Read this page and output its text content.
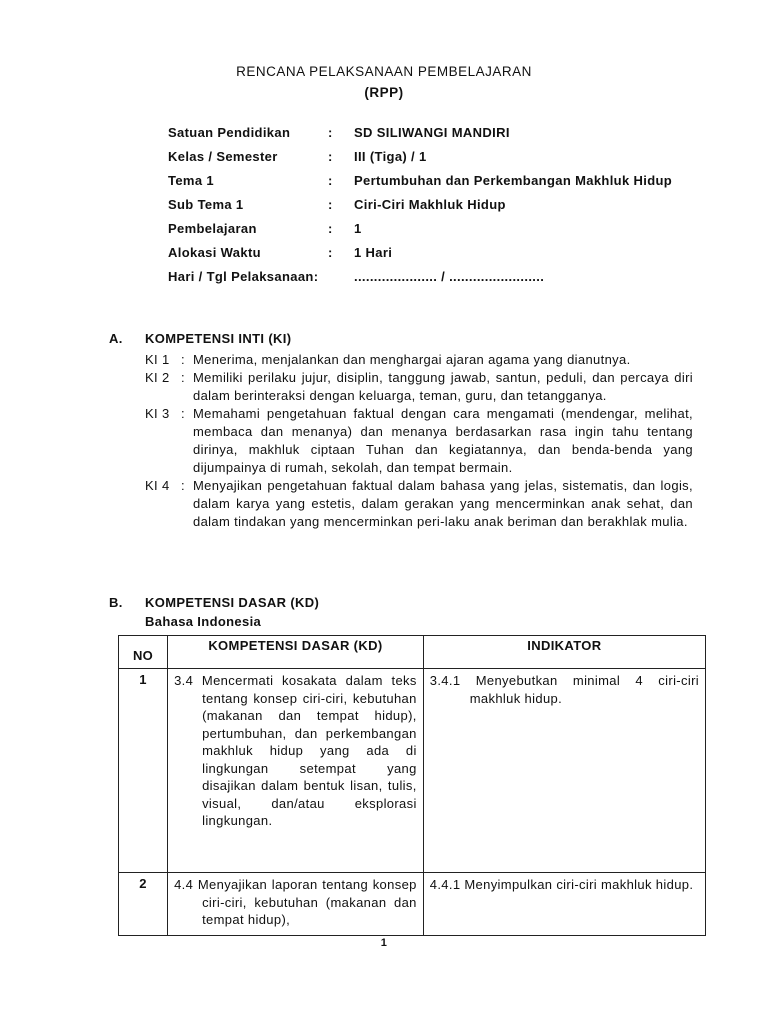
RENCANA PELAKSANAAN PEMBELAJARAN
(RPP)
Satuan Pendidikan	: SD SILIWANGI MANDIRI
Kelas / Semester	: III (Tiga) / 1
Tema 1	: Pertumbuhan dan Perkembangan Makhluk Hidup
Sub Tema 1	: Ciri-Ciri Makhluk Hidup
Pembelajaran	: 1
Alokasi Waktu	: 1 Hari
Hari / Tgl Pelaksanaan:	..................... / ........................
A. KOMPETENSI INTI (KI)
KI 1 : Menerima, menjalankan dan menghargai ajaran agama yang dianutnya.
KI 2 : Memiliki perilaku jujur, disiplin, tanggung jawab, santun, peduli, dan percaya diri dalam berinteraksi dengan keluarga, teman, guru, dan tetangganya.
KI 3 : Memahami pengetahuan faktual dengan cara mengamati (mendengar, melihat, membaca dan menanya) dan menanya berdasarkan rasa ingin tahu tentang dirinya, makhluk ciptaan Tuhan dan kegiatannya, dan benda-benda yang dijumpainya di rumah, sekolah, dan tempat bermain.
KI 4 : Menyajikan pengetahuan faktual dalam bahasa yang jelas, sistematis, dan logis, dalam karya yang estetis, dalam gerakan yang mencerminkan anak sehat, dan dalam tindakan yang mencerminkan peri-laku anak beriman dan berakhlak mulia.
B. KOMPETENSI DASAR (KD)
Bahasa Indonesia
NO	KOMPETENSI DASAR (KD)	INDIKATOR
1	3.4 Mencermati kosakata dalam teks tentang konsep ciri-ciri, kebutuhan (makanan dan tempat hidup), pertumbuhan, dan perkembangan makhluk hidup yang ada di lingkungan setempat yang disajikan dalam bentuk lisan, tulis, visual, dan/atau eksplorasi lingkungan.	3.4.1 Menyebutkan minimal 4 ciri-ciri makhluk hidup.

2	4.4 Menyajikan laporan tentang konsep ciri-ciri, kebutuhan (makanan dan tempat hidup),	4.4.1 Menyimpulkan ciri-ciri makhluk hidup.
1
